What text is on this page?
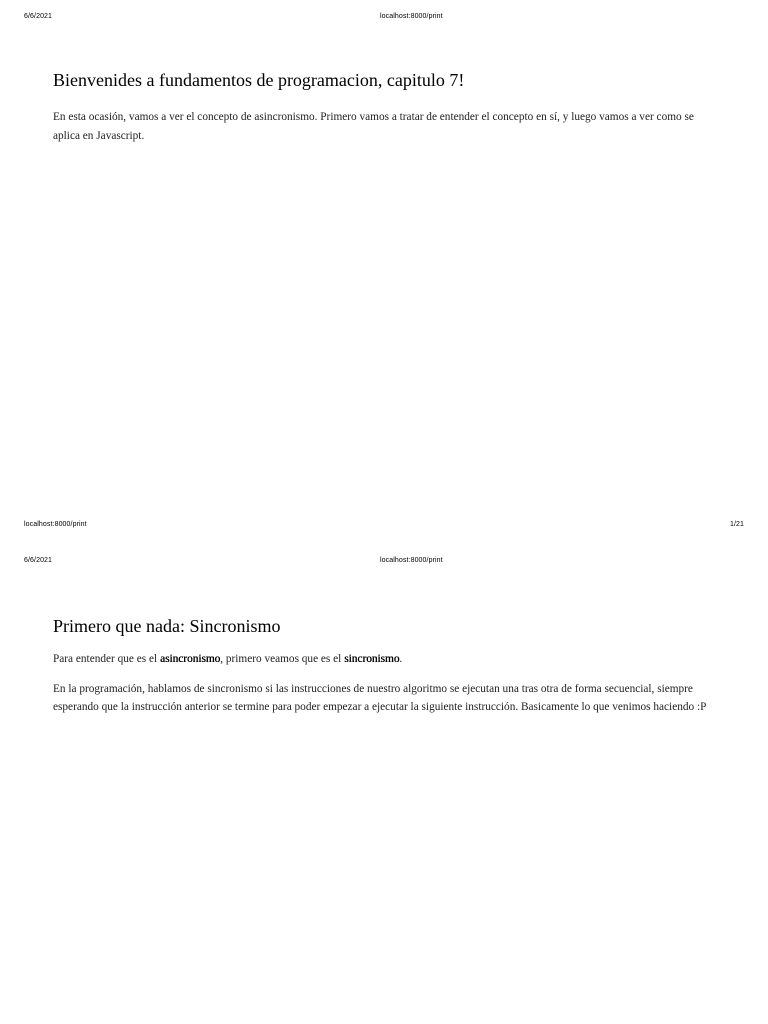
6/6/2021	localhost:8000/print
Bienvenides a fundamentos de programacion, capitulo 7!

En esta ocasión, vamos a ver el concepto de asincronismo. Primero vamos a tratar de entender el concepto en sí, y luego vamos a ver como se aplica en Javascript.

localhost:8000/print	1/21
6/6/2021	localhost:8000/print
Primero que nada: Sincronismo

Para entender que es el asincronismo, primero veamos que es el sincronismo.

En la programación, hablamos de sincronismo si las instrucciones de nuestro algoritmo se ejecutan una tras otra de forma secuencial, siempre esperando que la instrucción anterior se termine para poder empezar a ejecutar la siguiente instrucción. Basicamente lo que venimos haciendo :P
